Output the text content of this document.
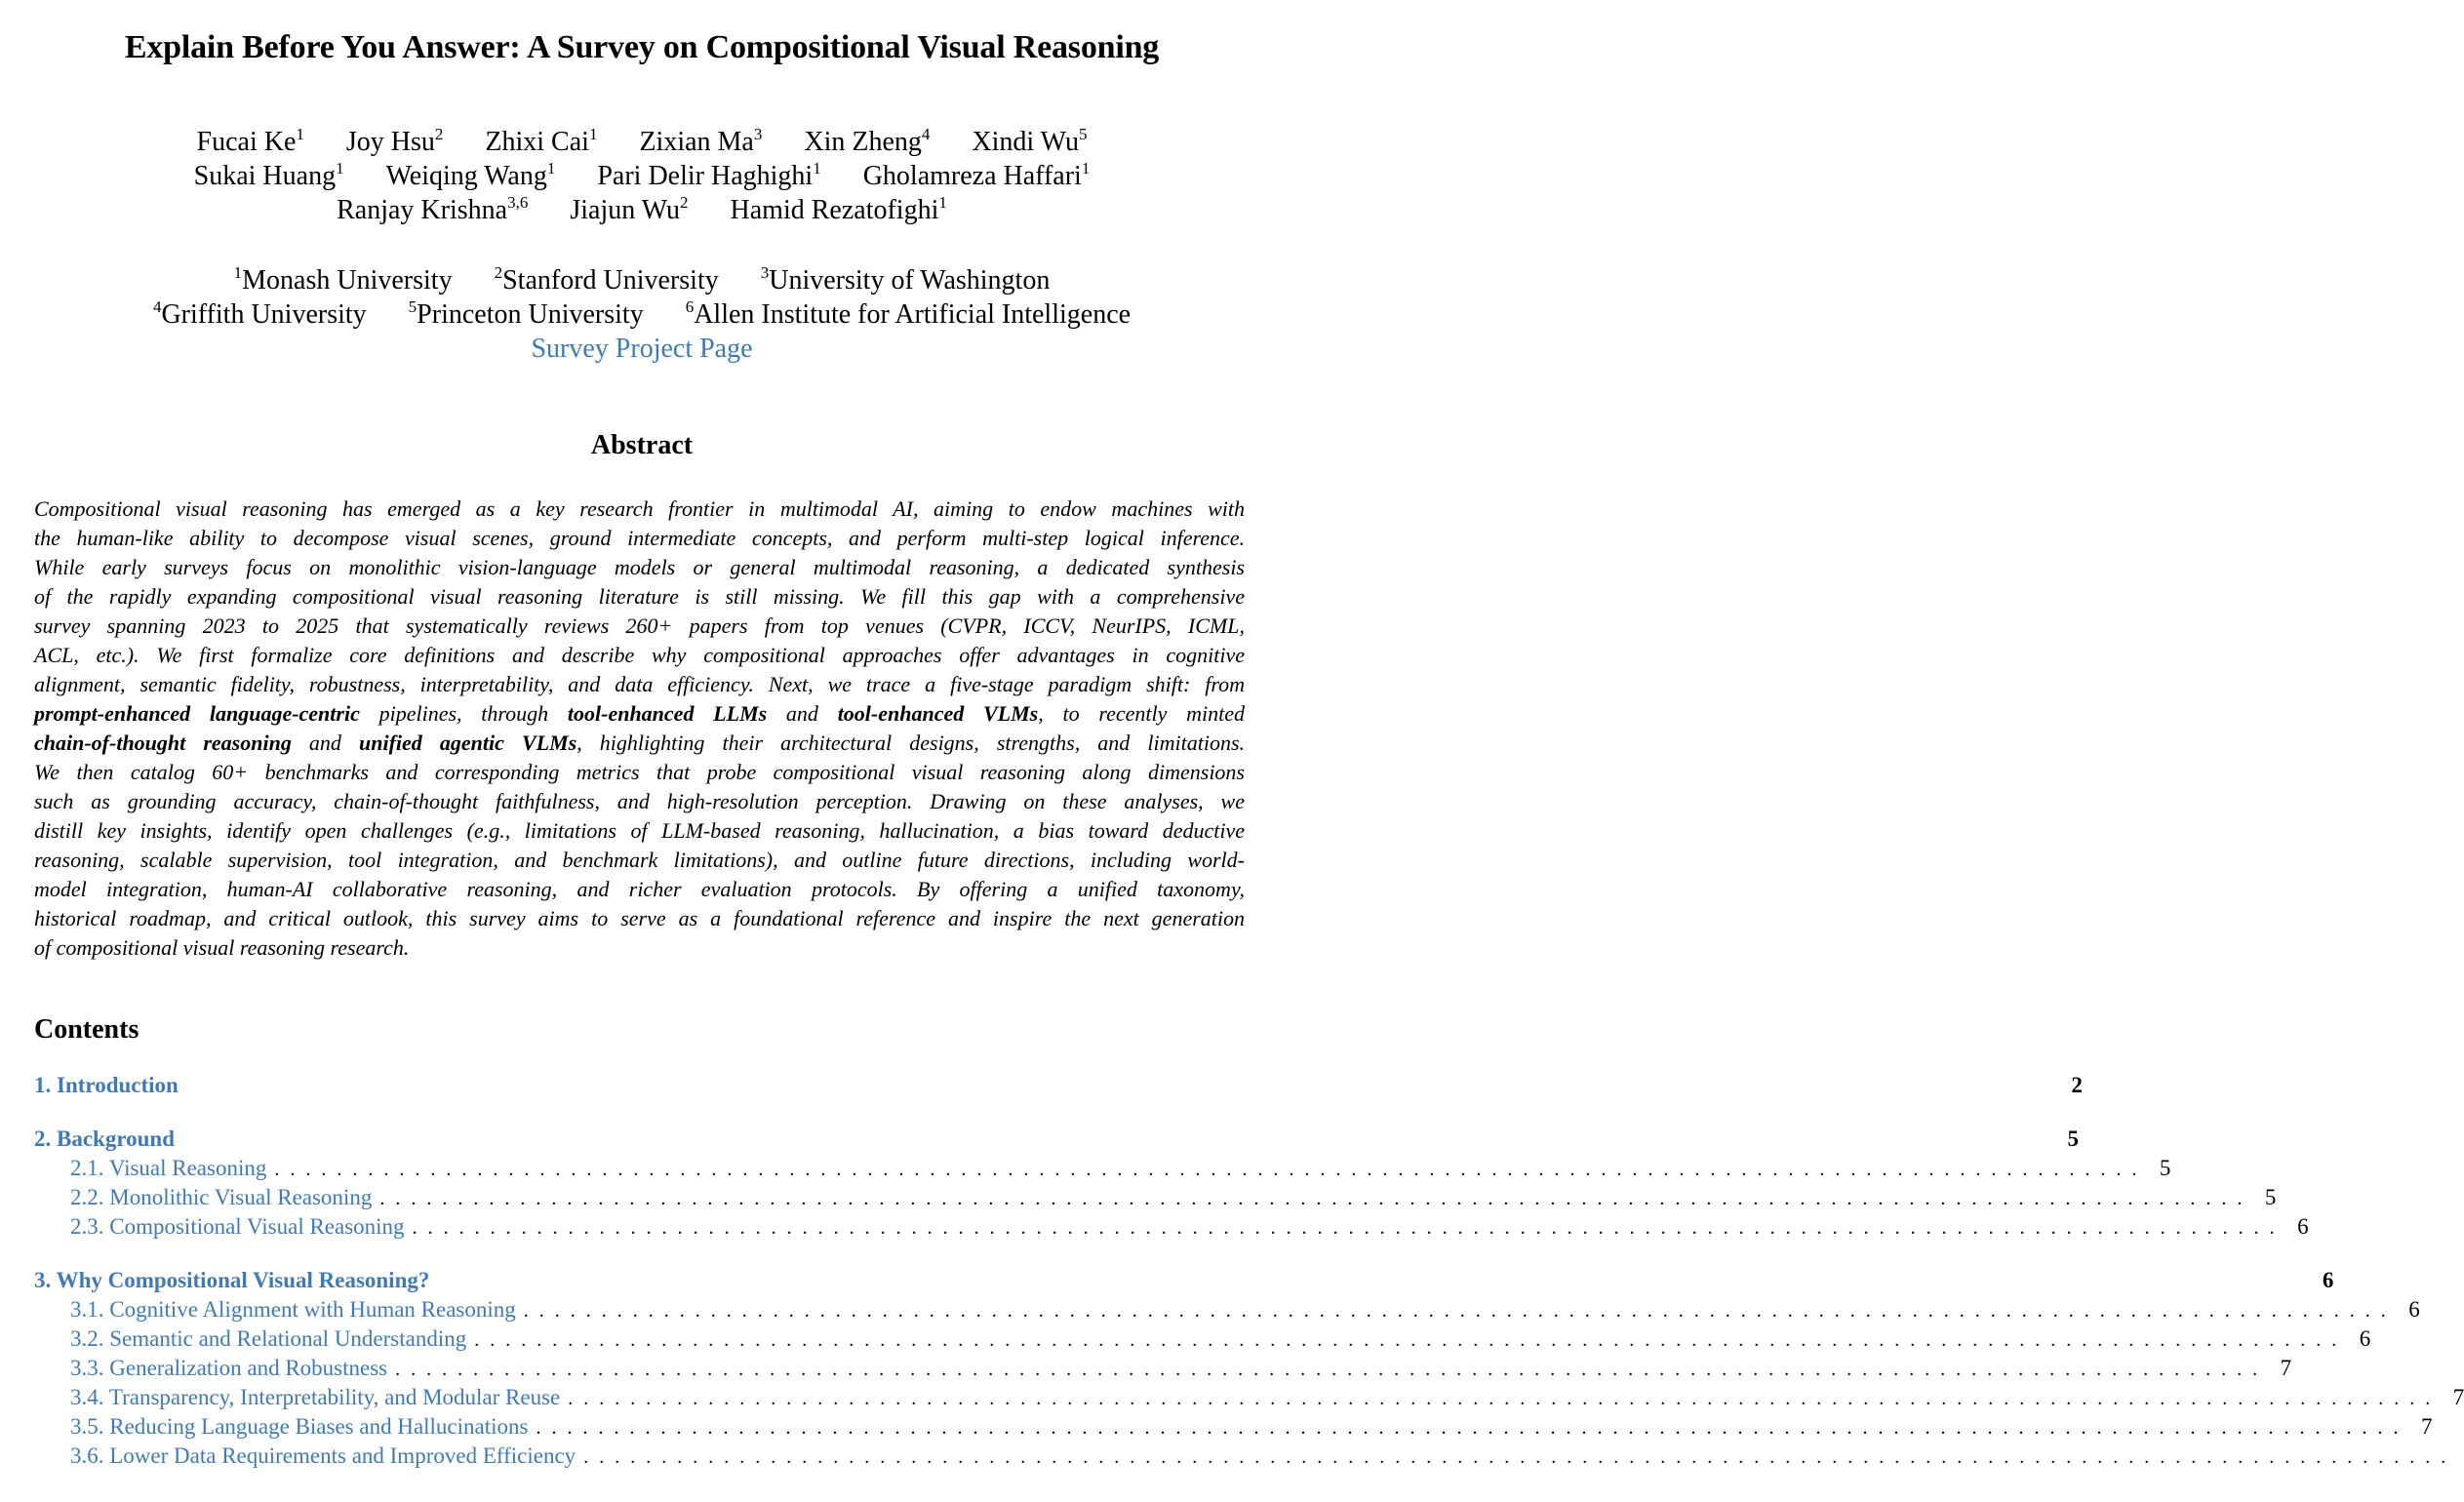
Explain Before You Answer: A Survey on Compositional Visual Reasoning
Fucai Ke$^1$ Joy Hsu$^2$ Zhixi Cai$^1$ Zixian Ma$^3$ Xin Zheng$^4$ Xindi Wu$^5$
Sukai Huang$^1$ Weiqing Wang$^1$ Pari Delir Haghighi$^1$ Gholamreza Haffari$^1$
Ranjay Krishna$^{3,6}$ Jiajun Wu$^2$ Hamid Rezatofighi$^1$
$^1$Monash University	$^2$Stanford University	$^3$University of Washington
$^4$Griffith University	$^5$Princeton University	$^6$Allen Institute for Artificial Intelligence
Survey Project Page
Abstract
Compositional visual reasoning has emerged as a key research frontier in multimodal AI, aiming to endow machines with
the human-like ability to decompose visual scenes, ground intermediate concepts, and perform multi-step logical inference.
While early surveys focus on monolithic vision-language models or general multimodal reasoning, a dedicated synthesis
of the rapidly expanding compositional visual reasoning literature is still missing. We fill this gap with a comprehensive
survey spanning 2023 to 2025 that systematically reviews 260+ papers from top venues (CVPR, ICCV, NeurIPS, ICML,
ACL, etc.). We first formalize core definitions and describe why compositional approaches offer advantages in cognitive
alignment, semantic fidelity, robustness, interpretability, and data efficiency. Next, we trace a five-stage paradigm shift: from
prompt-enhanced language-centric pipelines, through tool-enhanced LLMs and tool-enhanced VLMs, to recently minted
chain-of-thought reasoning and unified agentic VLMs, highlighting their architectural designs, strengths, and limitations.
We then catalog 60+ benchmarks and corresponding metrics that probe compositional visual reasoning along dimensions
such as grounding accuracy, chain-of-thought faithfulness, and high-resolution perception. Drawing on these analyses, we
distill key insights, identify open challenges (e.g., limitations of LLM-based reasoning, hallucination, a bias toward deductive
reasoning, scalable supervision, tool integration, and benchmark limitations), and outline future directions, including world-
model integration, human-AI collaborative reasoning, and richer evaluation protocols. By offering a unified taxonomy,
historical roadmap, and critical outlook, this survey aims to serve as a foundational reference and inspire the next generation
of compositional visual reasoning research.
Contents
1. Introduction	2
2. Background	5
2.1. Visual Reasoning ........................................................................................................................ 5
2.2. Monolithic Visual Reasoning ........................................................................................................................ 5
2.3. Compositional Visual Reasoning ........................................................................................................................ 6
3. Why Compositional Visual Reasoning?	6
3.1. Cognitive Alignment with Human Reasoning ........................................................................................................................ 6
3.2. Semantic and Relational Understanding ........................................................................................................................ 6
3.3. Generalization and Robustness ........................................................................................................................ 7
3.4. Transparency, Interpretability, and Modular Reuse ........................................................................................................................ 7
3.5. Reducing Language Biases and Hallucinations ........................................................................................................................ 7
3.6. Lower Data Requirements and Improved Efficiency ........................................................................................................................
